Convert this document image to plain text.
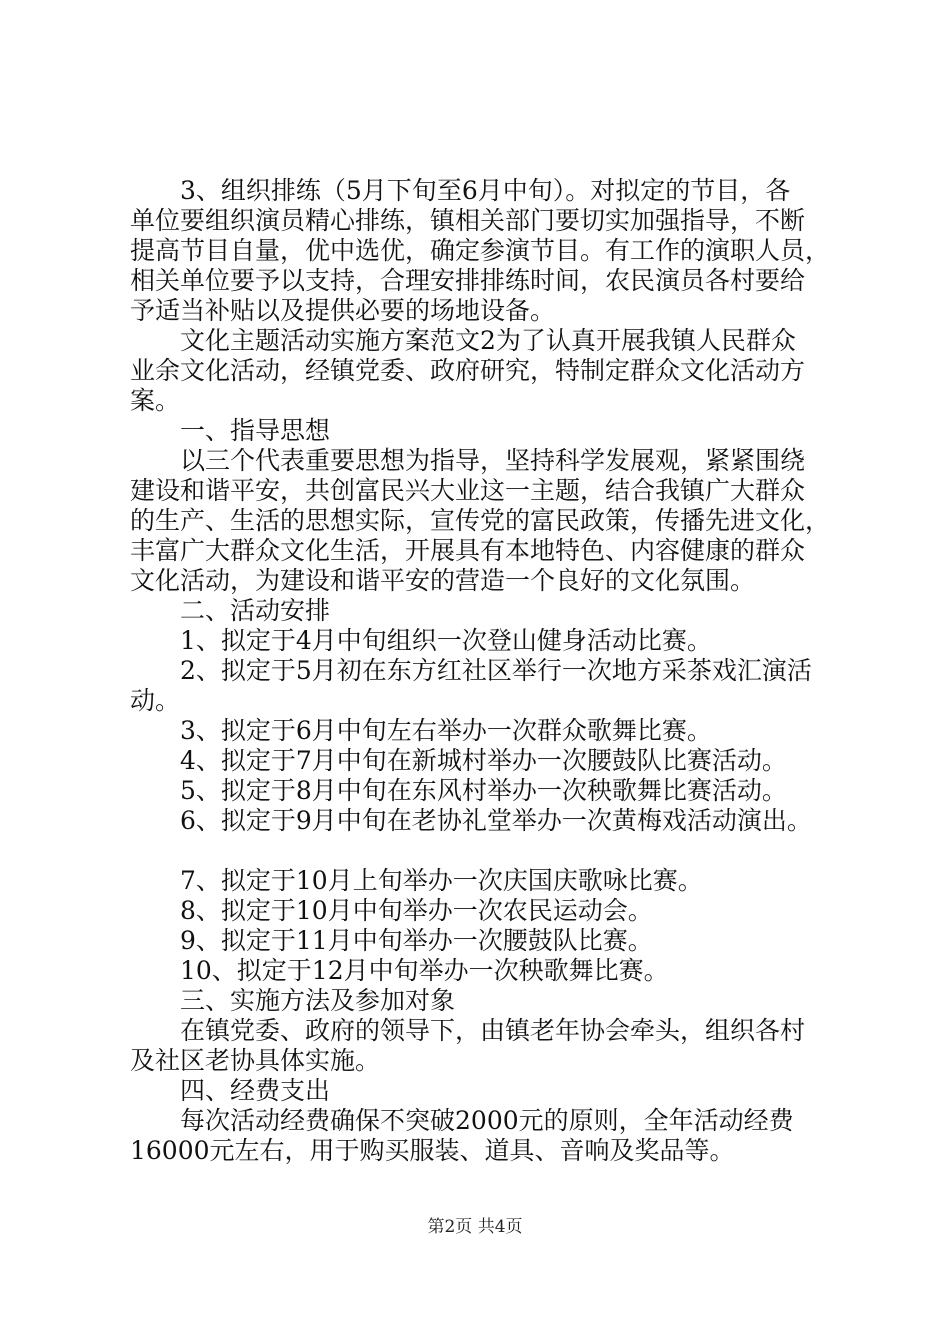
　　3、组织排练（5月下旬至6月中旬）。对拟定的节目，各
单位要组织演员精心排练，镇相关部门要切实加强指导，不断
提高节目自量，优中选优，确定参演节目。有工作的演职人员，
相关单位要予以支持，合理安排排练时间，农民演员各村要给
予适当补贴以及提供必要的场地设备。
　　文化主题活动实施方案范文2为了认真开展我镇人民群众
业余文化活动，经镇党委、政府研究，特制定群众文化活动方
案。
　　一、指导思想
　　以三个代表重要思想为指导，坚持科学发展观，紧紧围绕
建设和谐平安，共创富民兴大业这一主题，结合我镇广大群众
的生产、生活的思想实际，宣传党的富民政策，传播先进文化，
丰富广大群众文化生活，开展具有本地特色、内容健康的群众
文化活动，为建设和谐平安的营造一个良好的文化氛围。
　　二、活动安排
　　1、拟定于4月中旬组织一次登山健身活动比赛。
　　2、拟定于5月初在东方红社区举行一次地方采茶戏汇演活
动。
　　3、拟定于6月中旬左右举办一次群众歌舞比赛。
　　4、拟定于7月中旬在新城村举办一次腰鼓队比赛活动。
　　5、拟定于8月中旬在东风村举办一次秧歌舞比赛活动。
　　6、拟定于9月中旬在老协礼堂举办一次黄梅戏活动演出。
　　7、拟定于10月上旬举办一次庆国庆歌咏比赛。
　　8、拟定于10月中旬举办一次农民运动会。
　　9、拟定于11月中旬举办一次腰鼓队比赛。
　　10、拟定于12月中旬举办一次秧歌舞比赛。
　　三、实施方法及参加对象
　　在镇党委、政府的领导下，由镇老年协会牵头，组织各村
及社区老协具体实施。
　　四、经费支出
　　每次活动经费确保不突破2000元的原则，全年活动经费
16000元左右，用于购买服装、道具、音响及奖品等。
第2页 共4页
